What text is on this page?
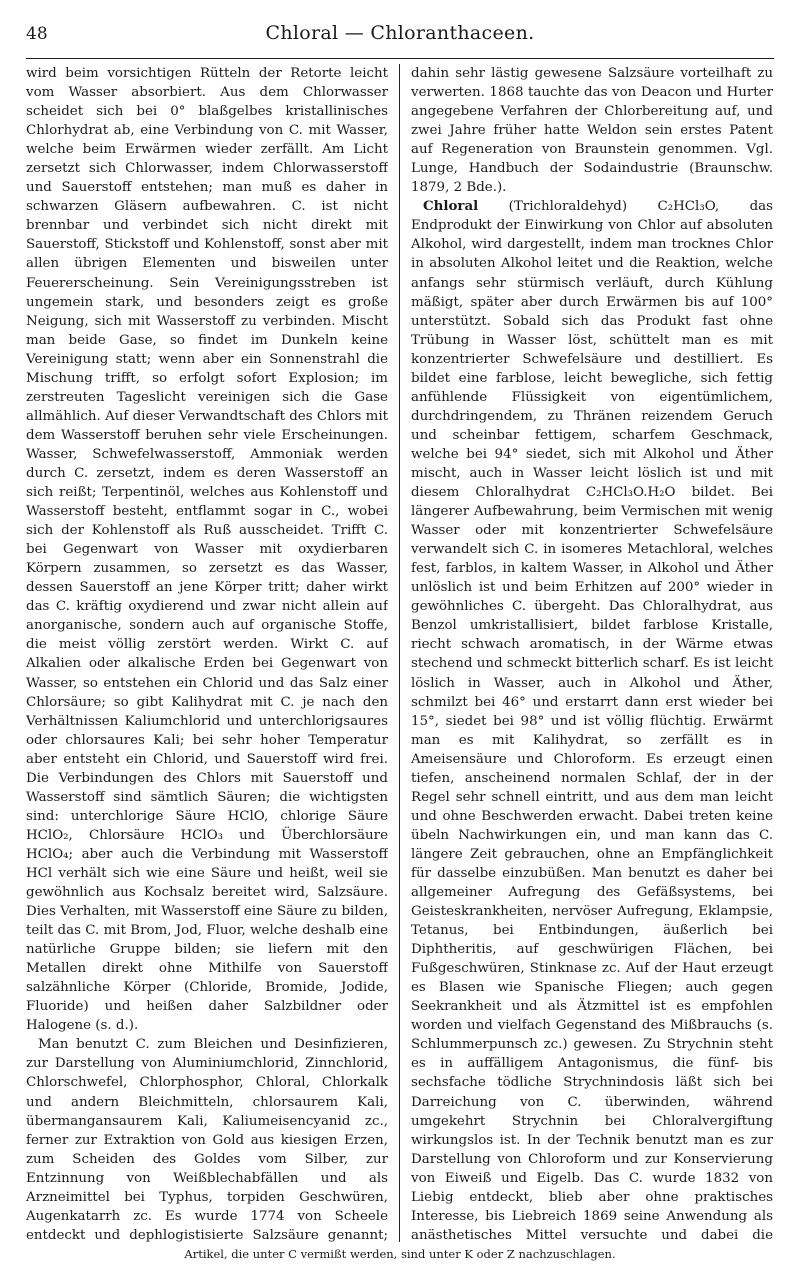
48	Chloral — Chloranthaceen.

wird beim vorsichtigen Rütteln der Retorte leicht vom Wasser absorbiert. Aus dem Chlorwasser scheidet sich bei 0° blaßgelbes kristallinisches Chlorhydrat ab, eine Verbindung von C. mit Wasser, welche beim Erwärmen wieder zerfällt. Am Licht zersetzt sich Chlorwasser, indem Chlorwasserstoff und Sauerstoff entstehen; man muß es daher in schwarzen Gläsern aufbewahren. C. ist nicht brennbar und verbindet sich nicht direkt mit Sauerstoff, Stickstoff und Kohlenstoff, sonst aber mit allen übrigen Elementen und bisweilen unter Feuererscheinung. Sein Vereinigungsstreben ist ungemein stark, und besonders zeigt es große Neigung, sich mit Wasserstoff zu verbinden. Mischt man beide Gase, so findet im Dunkeln keine Vereinigung statt; wenn aber ein Sonnenstrahl die Mischung trifft, so erfolgt sofort Explosion; im zerstreuten Tageslicht vereinigen sich die Gase allmählich. Auf dieser Verwandtschaft des Chlors mit dem Wasserstoff beruhen sehr viele Erscheinungen. Wasser, Schwefelwasserstoff, Ammoniak werden durch C. zersetzt, indem es deren Wasserstoff an sich reißt; Terpentinöl, welches aus Kohlenstoff und Wasserstoff besteht, entflammt sogar in C., wobei sich der Kohlenstoff als Ruß ausscheidet. Trifft C. bei Gegenwart von Wasser mit oxydierbaren Körpern zusammen, so zersetzt es das Wasser, dessen Sauerstoff an jene Körper tritt; daher wirkt das C. kräftig oxydierend und zwar nicht allein auf anorganische, sondern auch auf organische Stoffe, die meist völlig zerstört werden. Wirkt C. auf Alkalien oder alkalische Erden bei Gegenwart von Wasser, so entstehen ein Chlorid und das Salz einer Chlorsäure; so gibt Kalihydrat mit C. je nach den Verhältnissen Kaliumchlorid und unterchlorigsaures oder chlorsaures Kali; bei sehr hoher Temperatur aber entsteht ein Chlorid, und Sauerstoff wird frei. Die Verbindungen des Chlors mit Sauerstoff und Wasserstoff sind sämtlich Säuren; die wichtigsten sind: unterchlorige Säure HClO, chlorige Säure HClO₂, Chlorsäure HClO₃ und Überchlorsäure HClO₄; aber auch die Verbindung mit Wasserstoff HCl verhält sich wie eine Säure und heißt, weil sie gewöhnlich aus Kochsalz bereitet wird, Salzsäure. Dies Verhalten, mit Wasserstoff eine Säure zu bilden, teilt das C. mit Brom, Jod, Fluor, welche deshalb eine natürliche Gruppe bilden; sie liefern mit den Metallen direkt ohne Mithilfe von Sauerstoff salzähnliche Körper (Chloride, Bromide, Jodide, Fluoride) und heißen daher Salzbildner oder Halogene (s. d.).

Man benutzt C. zum Bleichen und Desinfizieren, zur Darstellung von Aluminiumchlorid, Zinnchlorid, Chlorschwefel, Chlorphosphor, Chloral, Chlorkalk und andern Bleichmitteln, chlorsaurem Kali, übermangansaurem Kali, Kaliumeisencyanid zc., ferner zur Extraktion von Gold aus kiesigen Erzen, zum Scheiden des Goldes vom Silber, zur Entzinnung von Weißblechabfällen und als Arzneimittel bei Typhus, torpiden Geschwüren, Augenkatarrh zc. Es wurde 1774 von Scheele entdeckt und dephlogistisierte Salzsäure genannt;

dahin sehr lästig gewesene Salzsäure vorteilhaft zu verwerten. 1868 tauchte das von Deacon und Hurter angegebene Verfahren der Chlorbereitung auf, und zwei Jahre früher hatte Weldon sein erstes Patent auf Regeneration von Braunstein genommen. Vgl. Lunge, Handbuch der Sodaindustrie (Braunschw. 1879, 2 Bde.).

Chloral (Trichloraldehyd) C₂HCl₃O, das Endprodukt der Einwirkung von Chlor auf absoluten Alkohol, wird dargestellt, indem man trocknes Chlor in absoluten Alkohol leitet und die Reaktion, welche anfangs sehr stürmisch verläuft, durch Kühlung mäßigt, später aber durch Erwärmen bis auf 100° unterstützt. Sobald sich das Produkt fast ohne Trübung in Wasser löst, schüttelt man es mit konzentrierter Schwefelsäure und destilliert. Es bildet eine farblose, leicht bewegliche, sich fettig anfühlende Flüssigkeit von eigentümlichem, durchdringendem, zu Thränen reizendem Geruch und scheinbar fettigem, scharfem Geschmack, welche bei 94° siedet, sich mit Alkohol und Äther mischt, auch in Wasser leicht löslich ist und mit diesem Chloralhydrat C₂HCl₃O.H₂O bildet. Bei längerer Aufbewahrung, beim Vermischen mit wenig Wasser oder mit konzentrierter Schwefelsäure verwandelt sich C. in isomeres Metachloral, welches fest, farblos, in kaltem Wasser, in Alkohol und Äther unlöslich ist und beim Erhitzen auf 200° wieder in gewöhnliches C. übergeht. Das Chloralhydrat, aus Benzol umkristallisiert, bildet farblose Kristalle, riecht schwach aromatisch, in der Wärme etwas stechend und schmeckt bitterlich scharf. Es ist leicht löslich in Wasser, auch in Alkohol und Äther, schmilzt bei 46° und erstarrt dann erst wieder bei 15°, siedet bei 98° und ist völlig flüchtig. Erwärmt man es mit Kalihydrat, so zerfällt es in Ameisensäure und Chloroform. Es erzeugt einen tiefen, anscheinend normalen Schlaf, der in der Regel sehr schnell eintritt, und aus dem man leicht und ohne Beschwerden erwacht. Dabei treten keine übeln Nachwirkungen ein, und man kann das C. längere Zeit gebrauchen, ohne an Empfänglichkeit für dasselbe einzubüßen. Man benutzt es daher bei allgemeiner Aufregung des Gefäßsystems, bei Geisteskrankheiten, nervöser Aufregung, Eklampsie, Tetanus, bei Entbindungen, äußerlich bei Diphtheritis, auf geschwürigen Flächen, bei Fußgeschwüren, Stinknase zc. Auf der Haut erzeugt es Blasen wie Spanische Fliegen; auch gegen Seekrankheit und als Ätzmittel ist es empfohlen worden und vielfach Gegenstand des Mißbrauchs (s. Schlummerpunsch zc.) gewesen. Zu Strychnin steht es in auffälligem Antagonismus, die fünf- bis sechsfache tödliche Strychnindosis läßt sich bei Darreichung von C. überwinden, während umgekehrt Strychnin bei Chloralvergiftung wirkungslos ist. In der Technik benutzt man es zur Darstellung von Chloroform und zur Konservierung von Eiweiß und Eigelb. Das C. wurde 1832 von Liebig entdeckt, blieb aber ohne praktisches Interesse, bis Liebreich 1869 seine Anwendung als anästhetisches Mittel versuchte und dabei die

Artikel, die unter C vermißt werden, sind unter K oder Z nachzuschlagen.
